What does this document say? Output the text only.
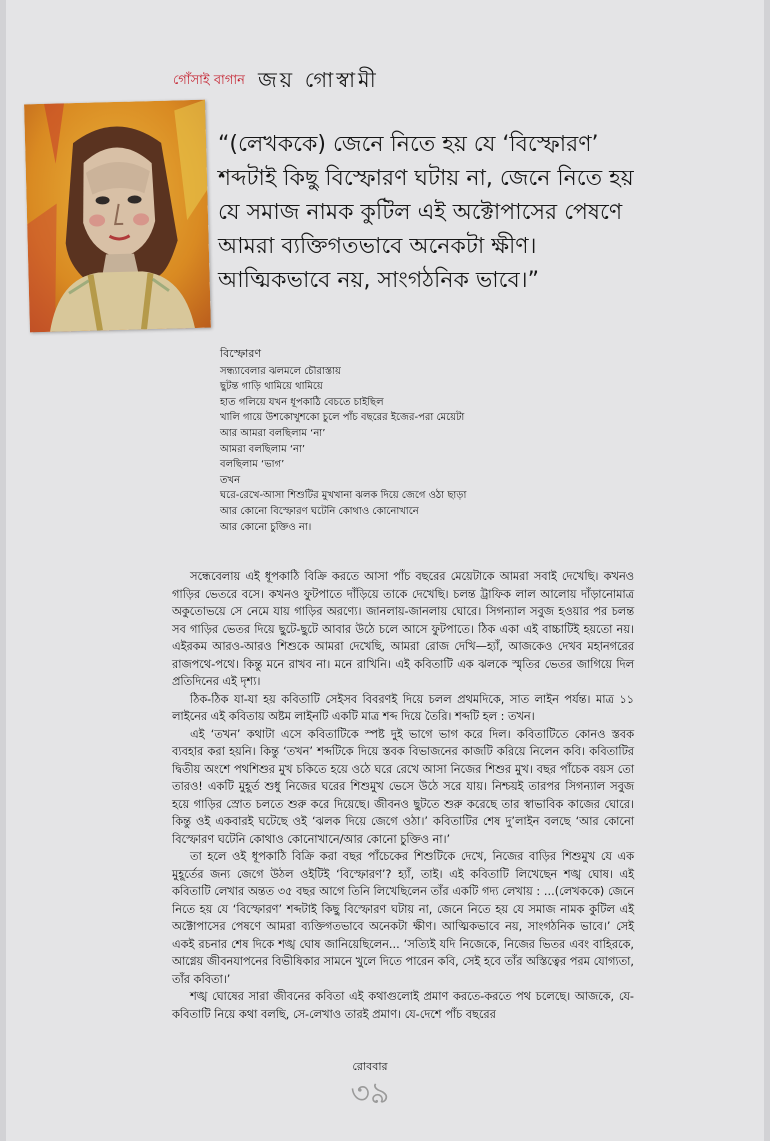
গোঁসাই বাগান জয় গোস্বামী
“(লেখককে) জেনে নিতে হয় যে ‘বিস্ফোরণ’
শব্দটাই কিছু বিস্ফোরণ ঘটায় না, জেনে নিতে হয়
যে সমাজ নামক কুটিল এই অক্টোপাসের পেষণে
আমরা ব্যক্তিগতভাবে অনেকটা ক্ষীণ।
আত্মিকভাবে নয়, সাংগঠনিক ভাবে।”
বিস্ফোরণ
সন্ধ্যাবেলার ঝলমলে চৌরাস্তায়
ছুটন্ত গাড়ি থামিয়ে থামিয়ে
হাত গলিয়ে যখন ধূপকাঠি বেচতে চাইছিল
খালি গায়ে উশকোখুশকো চুলে পাঁচ বছরের ইজের-পরা মেয়েটা
আর আমরা বলছিলাম ‘না’
আমরা বলছিলাম ‘না’
বলছিলাম ‘ভাগ’
তখন
ঘরে-রেখে-আসা শিশুটির মুখখানা ঝলক দিয়ে জেগে ওঠা ছাড়া
আর কোনো বিস্ফোরণ ঘটেনি কোথাও কোনোখানে
আর কোনো চুক্তিও না।

সন্ধেবেলায় এই ধূপকাঠি বিক্রি করতে আসা পাঁচ বছরের মেয়েটাকে আমরা সবাই দেখেছি। কখনও গাড়ির ভেতরে বসে। কখনও ফুটপাতে দাঁড়িয়ে তাকে দেখেছি। চলন্ত ট্রাফিক লাল আলোয় দাঁড়ানোমাত্র অকুতোভয়ে সে নেমে যায় গাড়ির অরণ্যে। জানলায়-জানলায় ঘোরে। সিগন্যাল সবুজ হওয়ার পর চলন্ত সব গাড়ির ভেতর দিয়ে ছুটে-ছুটে আবার উঠে চলে আসে ফুটপাতে। ঠিক একা এই বাচ্চাটিই হয়তো নয়। এইরকম আরও-আরও শিশুকে আমরা দেখেছি, আমরা রোজ দেখি—হ্যাঁ, আজকেও দেখব মহানগরের রাজপথে-পথে। কিন্তু মনে রাখব না। মনে রাখিনি। এই কবিতাটি এক ঝলকে স্মৃতির ভেতর জাগিয়ে দিল প্রতিদিনের এই দৃশ্য।

ঠিক-ঠিক যা-যা হয় কবিতাটি সেইসব বিবরণই দিয়ে চলল প্রথমদিকে, সাত লাইন পর্যন্ত। মাত্র ১১ লাইনের এই কবিতায় অষ্টম লাইনটি একটি মাত্র শব্দ দিয়ে তৈরি। শব্দটি হল : তখন।

এই ‘তখন’ কথাটা এসে কবিতাটিকে স্পষ্ট দুই ভাগে ভাগ করে দিল। কবিতাটিতে কোনও স্তবক ব্যবহার করা হয়নি। কিন্তু ‘তখন’ শব্দটিকে দিয়ে স্তবক বিভাজনের কাজটি করিয়ে নিলেন কবি। কবিতাটির দ্বিতীয় অংশে পথশিশুর মুখ চকিতে হয়ে ওঠে ঘরে রেখে আসা নিজের শিশুর মুখ। বছর পাঁচেক বয়স তো তারও! একটি মুহূর্ত শুধু নিজের ঘরের শিশুমুখ ভেসে উঠে সরে যায়। নিশ্চয়ই তারপর সিগন্যাল সবুজ হয়ে গাড়ির স্রোত চলতে শুরু করে দিয়েছে। জীবনও ছুটতে শুরু করেছে তার স্বাভাবিক কাজের ঘোরে। কিন্তু ওই একবারই ঘটেছে ওই ‘ঝলক দিয়ে জেগে ওঠা।’ কবিতাটির শেষ দু’লাইন বলছে ‘আর কোনো বিস্ফোরণ ঘটেনি কোথাও কোনোখানে/আর কোনো চুক্তিও না।’

তা হলে ওই ধূপকাঠি বিক্রি করা বছর পাঁচেকের শিশুটিকে দেখে, নিজের বাড়ির শিশুমুখ যে এক মুহূর্তের জন্য জেগে উঠল ওইটিই ‘বিস্ফোরণ’? হ্যাঁ, তাই। এই কবিতাটি লিখেছেন শঙ্খ ঘোষ। এই কবিতাটি লেখার অন্তত ৩৫ বছর আগে তিনি লিখেছিলেন তাঁর একটি গদ্য লেখায় : ...(লেখককে) জেনে নিতে হয় যে ‘বিস্ফোরণ’ শব্দটাই কিছু বিস্ফোরণ ঘটায় না, জেনে নিতে হয় যে সমাজ নামক কুটিল এই অক্টোপাসের পেষণে আমরা ব্যক্তিগতভাবে অনেকটা ক্ষীণ। আত্মিকভাবে নয়, সাংগঠনিক ভাবে।’ সেই একই রচনার শেষ দিকে শঙ্খ ঘোষ জানিয়েছিলেন... ‘সত্যিই যদি নিজেকে, নিজের ভিতর এবং বাহিরকে, আগ্নেয় জীবনযাপনের বিভীষিকার সামনে খুলে দিতে পারেন কবি, সেই হবে তাঁর অস্তিত্বের পরম যোগ্যতা, তাঁর কবিতা।’

শঙ্খ ঘোষের সারা জীবনের কবিতা এই কথাগুলোই প্রমাণ করতে-করতে পথ চলেছে। আজকে, যে-কবিতাটি নিয়ে কথা বলছি, সে-লেখাও তারই প্রমাণ। যে-দেশে পাঁচ বছরের

রোববার
৩৯
